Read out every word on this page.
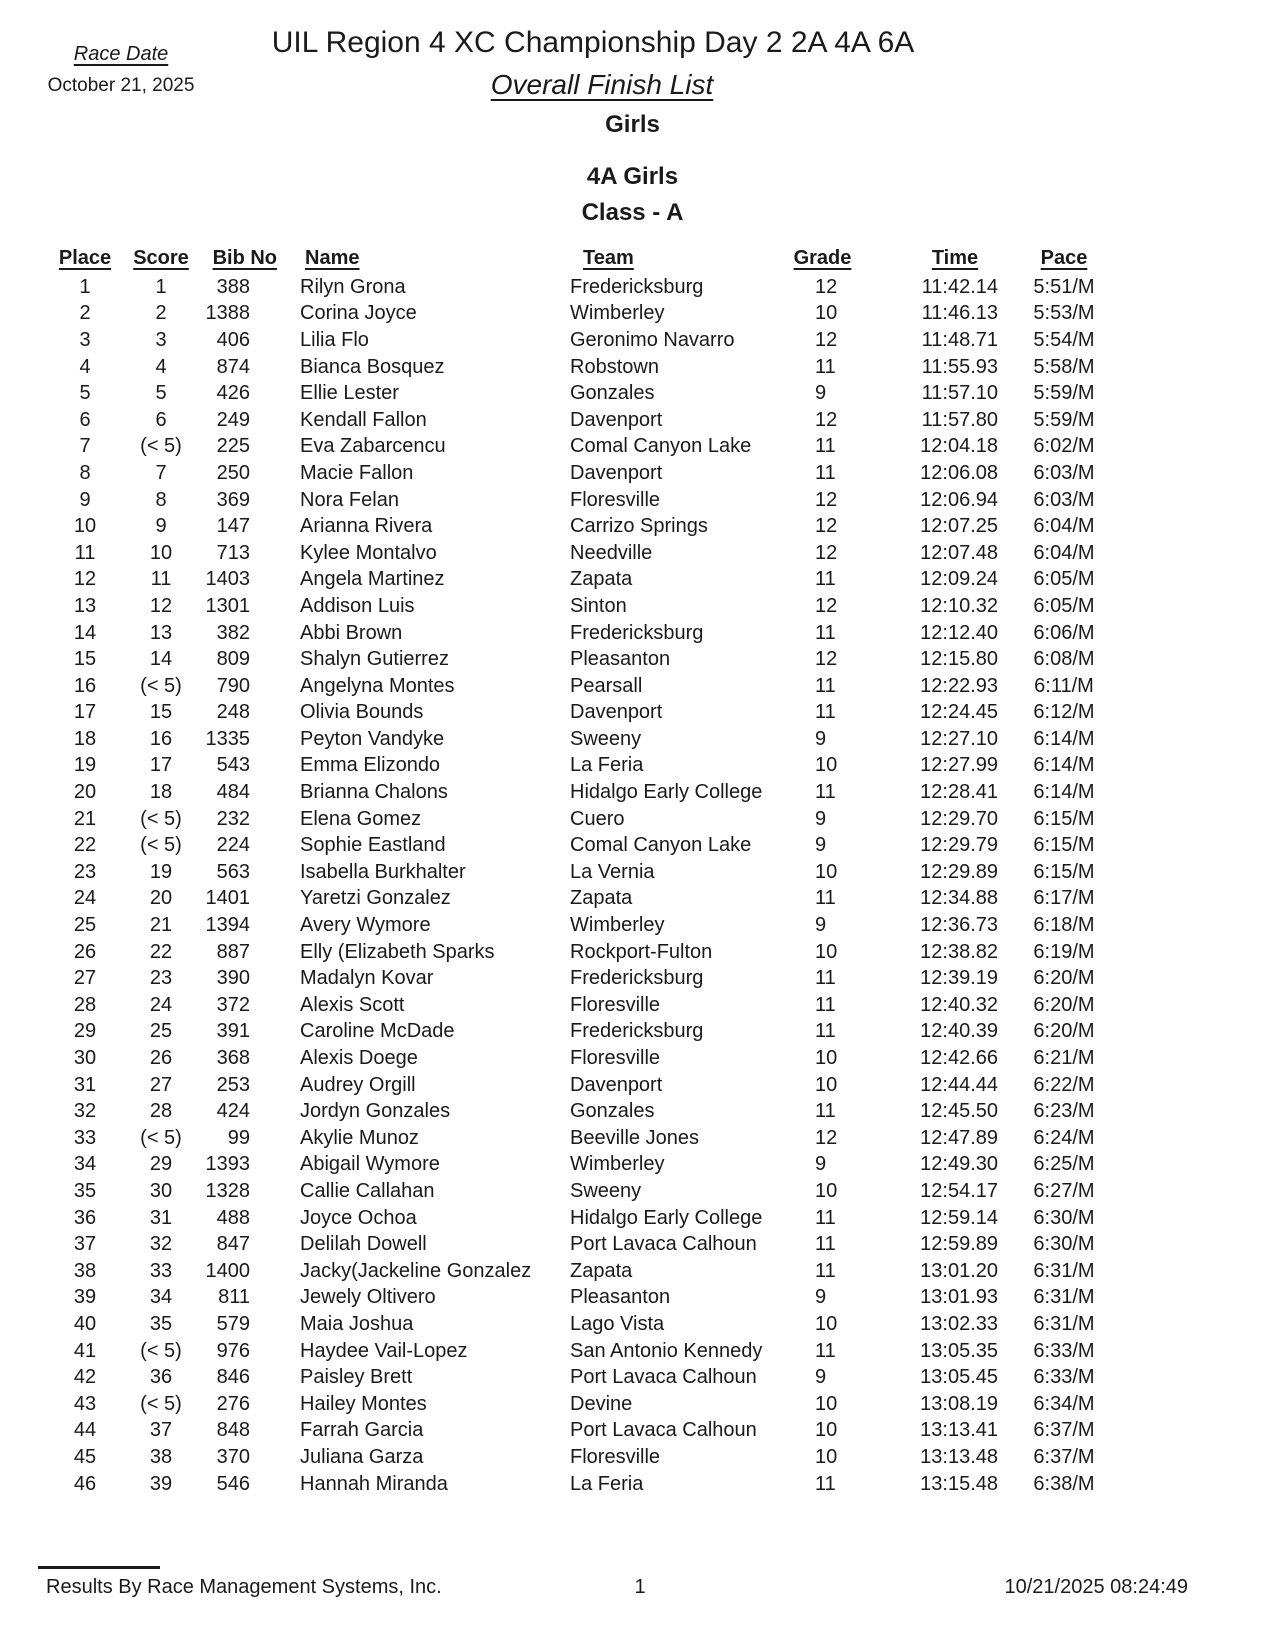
Race Date
October 21, 2025
UIL Region 4 XC Championship Day 2 2A 4A 6A
Overall Finish List
Girls
4A Girls
Class - A
Place	Score	Bib No	Name	Team	Grade		Time	Pace
1	1	388	Rilyn Grona	Fredericksburg	12		11:42.14	5:51/M
2	2	1388	Corina Joyce	Wimberley	10		11:46.13	5:53/M
3	3	406	Lilia Flo	Geronimo Navarro	12		11:48.71	5:54/M
4	4	874	Bianca Bosquez	Robstown	11		11:55.93	5:58/M
5	5	426	Ellie Lester	Gonzales	9		11:57.10	5:59/M
6	6	249	Kendall Fallon	Davenport	12		11:57.80	5:59/M
7	(< 5)	225	Eva Zabarcencu	Comal Canyon Lake	11		12:04.18	6:02/M
8	7	250	Macie Fallon	Davenport	11		12:06.08	6:03/M
9	8	369	Nora Felan	Floresville	12		12:06.94	6:03/M
10	9	147	Arianna Rivera	Carrizo Springs	12		12:07.25	6:04/M
11	10	713	Kylee Montalvo	Needville	12		12:07.48	6:04/M
12	11	1403	Angela Martinez	Zapata	11		12:09.24	6:05/M
13	12	1301	Addison Luis	Sinton	12		12:10.32	6:05/M
14	13	382	Abbi Brown	Fredericksburg	11		12:12.40	6:06/M
15	14	809	Shalyn Gutierrez	Pleasanton	12		12:15.80	6:08/M
16	(< 5)	790	Angelyna Montes	Pearsall	11		12:22.93	6:11/M
17	15	248	Olivia Bounds	Davenport	11		12:24.45	6:12/M
18	16	1335	Peyton Vandyke	Sweeny	9		12:27.10	6:14/M
19	17	543	Emma Elizondo	La Feria	10		12:27.99	6:14/M
20	18	484	Brianna Chalons	Hidalgo Early College	11		12:28.41	6:14/M
21	(< 5)	232	Elena Gomez	Cuero	9		12:29.70	6:15/M
22	(< 5)	224	Sophie Eastland	Comal Canyon Lake	9		12:29.79	6:15/M
23	19	563	Isabella Burkhalter	La Vernia	10		12:29.89	6:15/M
24	20	1401	Yaretzi Gonzalez	Zapata	11		12:34.88	6:17/M
25	21	1394	Avery Wymore	Wimberley	9		12:36.73	6:18/M
26	22	887	Elly (Elizabeth Sparks	Rockport-Fulton	10		12:38.82	6:19/M
27	23	390	Madalyn Kovar	Fredericksburg	11		12:39.19	6:20/M
28	24	372	Alexis Scott	Floresville	11		12:40.32	6:20/M
29	25	391	Caroline McDade	Fredericksburg	11		12:40.39	6:20/M
30	26	368	Alexis Doege	Floresville	10		12:42.66	6:21/M
31	27	253	Audrey Orgill	Davenport	10		12:44.44	6:22/M
32	28	424	Jordyn Gonzales	Gonzales	11		12:45.50	6:23/M
33	(< 5)	99	Akylie Munoz	Beeville Jones	12		12:47.89	6:24/M
34	29	1393	Abigail Wymore	Wimberley	9		12:49.30	6:25/M
35	30	1328	Callie Callahan	Sweeny	10		12:54.17	6:27/M
36	31	488	Joyce Ochoa	Hidalgo Early College	11		12:59.14	6:30/M
37	32	847	Delilah Dowell	Port Lavaca Calhoun	11		12:59.89	6:30/M
38	33	1400	Jacky(Jackeline Gonzalez	Zapata	11		13:01.20	6:31/M
39	34	811	Jewely Oltivero	Pleasanton	9		13:01.93	6:31/M
40	35	579	Maia Joshua	Lago Vista	10		13:02.33	6:31/M
41	(< 5)	976	Haydee Vail-Lopez	San Antonio Kennedy	11		13:05.35	6:33/M
42	36	846	Paisley Brett	Port Lavaca Calhoun	9		13:05.45	6:33/M
43	(< 5)	276	Hailey Montes	Devine	10		13:08.19	6:34/M
44	37	848	Farrah Garcia	Port Lavaca Calhoun	10		13:13.41	6:37/M
45	38	370	Juliana Garza	Floresville	10		13:13.48	6:37/M
46	39	546	Hannah Miranda	La Feria	11		13:15.48	6:38/M
Results By Race Management Systems, Inc.	1	10/21/2025 08:24:49
